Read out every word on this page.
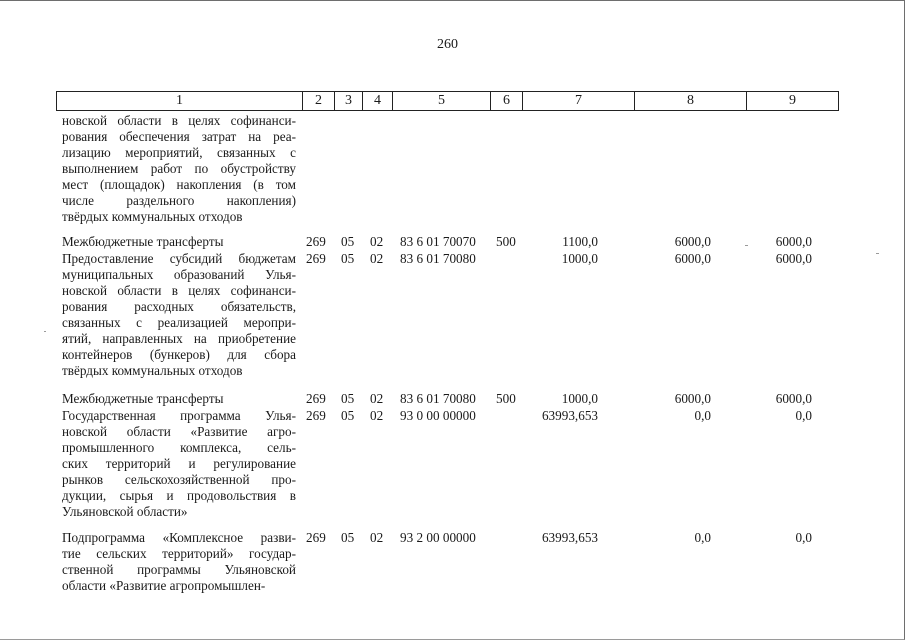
260
1	2	3	4	5	6	7	8	9
новской области в целях софинанси-
рования обеспечения затрат на реа-
лизацию мероприятий, связанных с
выполнением работ по обустройству
мест (площадок) накопления (в том
числе раздельного накопления)
твёрдых коммунальных отходов
Межбюджетные трансферты	269 05 02 83 6 01 70070 500	1100,0	6000,0	6000,0
Предоставление субсидий бюджетам
муниципальных образований Улья-
новской области в целях софинанси-
рования расходных обязательств,
связанных с реализацией меропри-
ятий, направленных на приобретение
контейнеров (бункеров) для сбора
твёрдых коммунальных отходов
269 05 02 83 6 01 70080	1000,0	6000,0	6000,0
Межбюджетные трансферты	269 05 02 83 6 01 70080 500	1000,0	6000,0	6000,0
Государственная программа Улья-
новской области «Развитие агро-
промышленного комплекса, сель-
ских территорий и регулирование
рынков сельскохозяйственной про-
дукции, сырья и продовольствия в
Ульяновской области»
269 05 02 93 0 00 00000	63993,653	0,0	0,0
Подпрограмма «Комплексное разви-
тие сельских территорий» государ-
ственной программы Ульяновской
области «Развитие агропромышлен-
269 05 02 93 2 00 00000	63993,653	0,0	0,0
